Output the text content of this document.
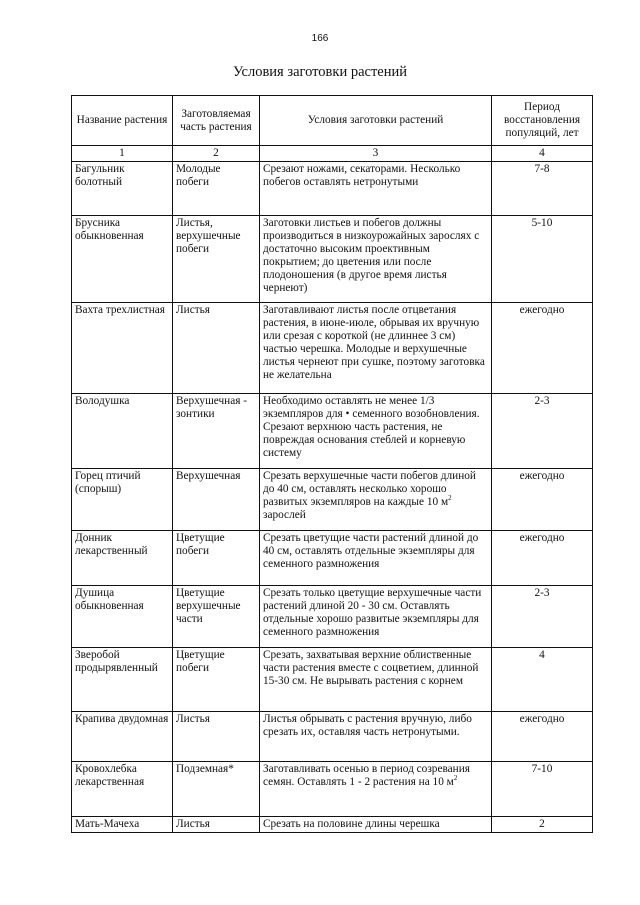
166
Условия заготовки растений
Название растения	Заготовляемая часть растения	Условия заготовки растений	Период восстановления популяций, лет
1	2	3	4
Багульник болотный	Молодые побеги	Срезают ножами, секаторами. Несколько побегов оставлять нетронутыми	7-8
Брусника обыкновенная	Листья, верхушечные побеги	Заготовки листьев и побегов должны производиться в низкоурожайных зарослях с достаточно высоким проективным покрытием; до цветения или после плодоношения (в другое время листья чернеют)	5-10
Вахта трехлистная	Листья	Заготавливают листья после отцветания растения, в июне-июле, обрывая их вручную или срезая с короткой (не длиннее 3 см) частью черешка. Молодые и верхушечные листья чернеют при сушке, поэтому заготовка не желательна	ежегодно
Володушка	Верхушечная - зонтики	Необходимо оставлять не менее 1/3 экземпляров для • семенного возобновления. Срезают верхнюю часть растения, не повреждая основания стеблей и корневую систему	2-3
Горец птичий (спорыш)	Верхушечная	Срезать верхушечные части побегов длиной до 40 см, оставлять несколько хорошо развитых экземпляров на каждые 10 $м^2$ зарослей	ежегодно
Донник лекарственный	Цветущие побеги	Срезать цветущие части растений длиной до 40 см, оставлять отдельные экземпляры для семенного размножения	ежегодно
Душица обыкновенная	Цветущие верхушечные части	Срезать только цветущие верхушечные части растений длиной 20 - 30 см. Оставлять отдельные хорошо развитые экземпляры для семенного размножения	2-3
Зверобой продырявленный	Цветущие побеги	Срезать, захватывая верхние облиственные части растения вместе с соцветием, длинной 15-30 см. Не вырывать растения с корнем	4
Крапива двудомная	Листья	Листья обрывать с растения вручную, либо срезать их, оставляя часть нетронутыми.	ежегодно
Кровохлебка лекарственная	Подземная*	Заготавливать осенью в период созревания семян. Оставлять 1 - 2 растения на 10 $м^2$	7-10
Мать-Мачеха	Листья	Срезать на половине длины черешка	2
